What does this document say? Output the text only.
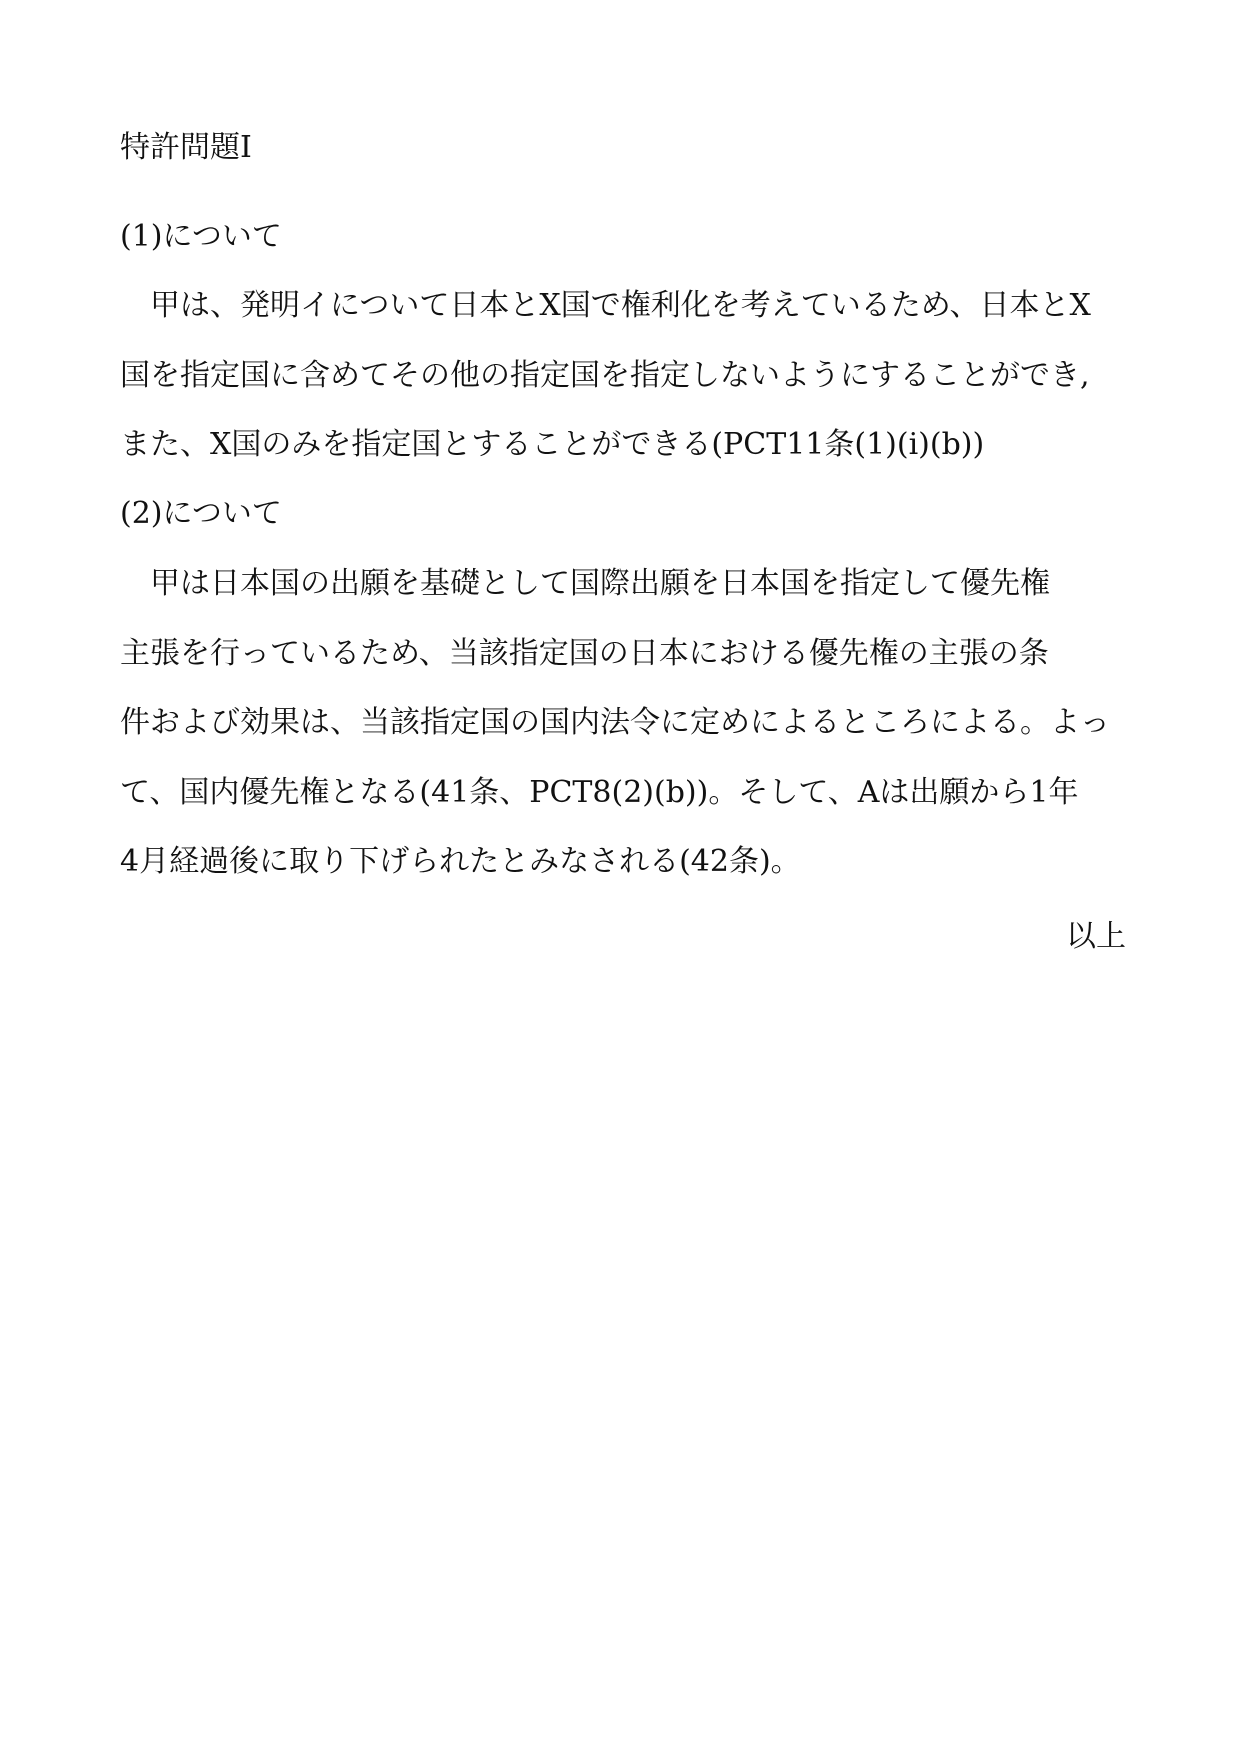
特許問題I
(1)について
　甲は、発明イについて日本とX国で権利化を考えているため、日本とX
国を指定国に含めてその他の指定国を指定しないようにすることができ,
また、X国のみを指定国とすることができる(PCT11条(1)(i)(b))
(2)について
　甲は日本国の出願を基礎として国際出願を日本国を指定して優先権
主張を行っているため、当該指定国の日本における優先権の主張の条
件および効果は、当該指定国の国内法令に定めによるところによる。よっ
て、国内優先権となる(41条、PCT8(2)(b))。そして、Aは出願から1年
4月経過後に取り下げられたとみなされる(42条)。
以上
